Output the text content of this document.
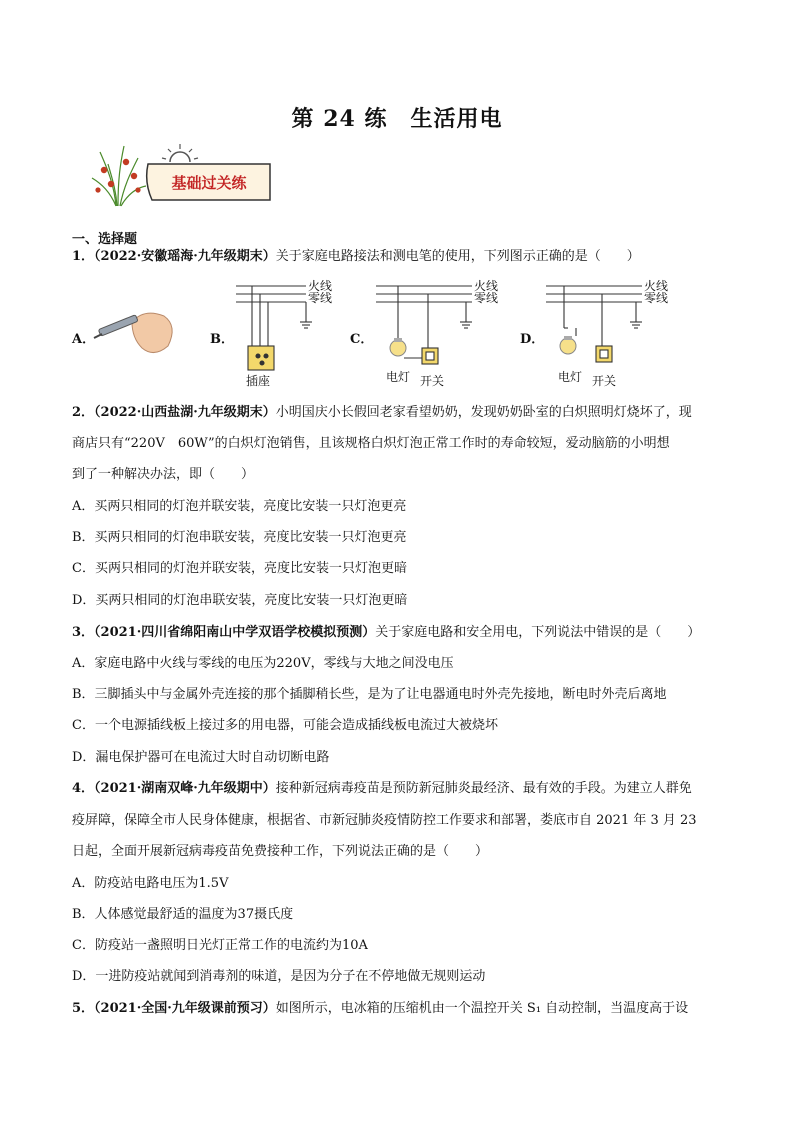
第 24 练　生活用电
基础过关练
一、选择题
1．（2022·安徽瑶海·九年级期末）关于家庭电路接法和测电笔的使用，下列图示正确的是（　　）
A．	B．	C．	D．
火线
零线
火线
零线
火线
零线
插座	电灯 开关	电灯 开关
2．（2022·山西盐湖·九年级期末）小明国庆小长假回老家看望奶奶，发现奶奶卧室的白炽照明灯烧坏了，现
商店只有“220V　60W”的白炽灯泡销售，且该规格白炽灯泡正常工作时的寿命较短，爱动脑筋的小明想
到了一种解决办法，即（　　）
A．买两只相同的灯泡并联安装，亮度比安装一只灯泡更亮
B．买两只相同的灯泡串联安装，亮度比安装一只灯泡更亮
C．买两只相同的灯泡并联安装，亮度比安装一只灯泡更暗
D．买两只相同的灯泡串联安装，亮度比安装一只灯泡更暗
3．（2021·四川省绵阳南山中学双语学校模拟预测）关于家庭电路和安全用电，下列说法中错误的是（　　）
A．家庭电路中火线与零线的电压为220V，零线与大地之间没电压
B．三脚插头中与金属外壳连接的那个插脚稍长些，是为了让电器通电时外壳先接地，断电时外壳后离地
C．一个电源插线板上接过多的用电器，可能会造成插线板电流过大被烧坏
D．漏电保护器可在电流过大时自动切断电路
4．（2021·湖南双峰·九年级期中）接种新冠病毒疫苗是预防新冠肺炎最经济、最有效的手段。为建立人群免
疫屏障，保障全市人民身体健康，根据省、市新冠肺炎疫情防控工作要求和部署，娄底市自 2021 年 3 月 23
日起，全面开展新冠病毒疫苗免费接种工作，下列说法正确的是（　　）
A．防疫站电路电压为1.5V
B．人体感觉最舒适的温度为37摄氏度
C．防疫站一盏照明日光灯正常工作的电流约为10A
D．一进防疫站就闻到消毒剂的味道，是因为分子在不停地做无规则运动
5．（2021·全国·九年级课前预习）如图所示，电冰箱的压缩机由一个温控开关 S₁ 自动控制，当温度高于设
